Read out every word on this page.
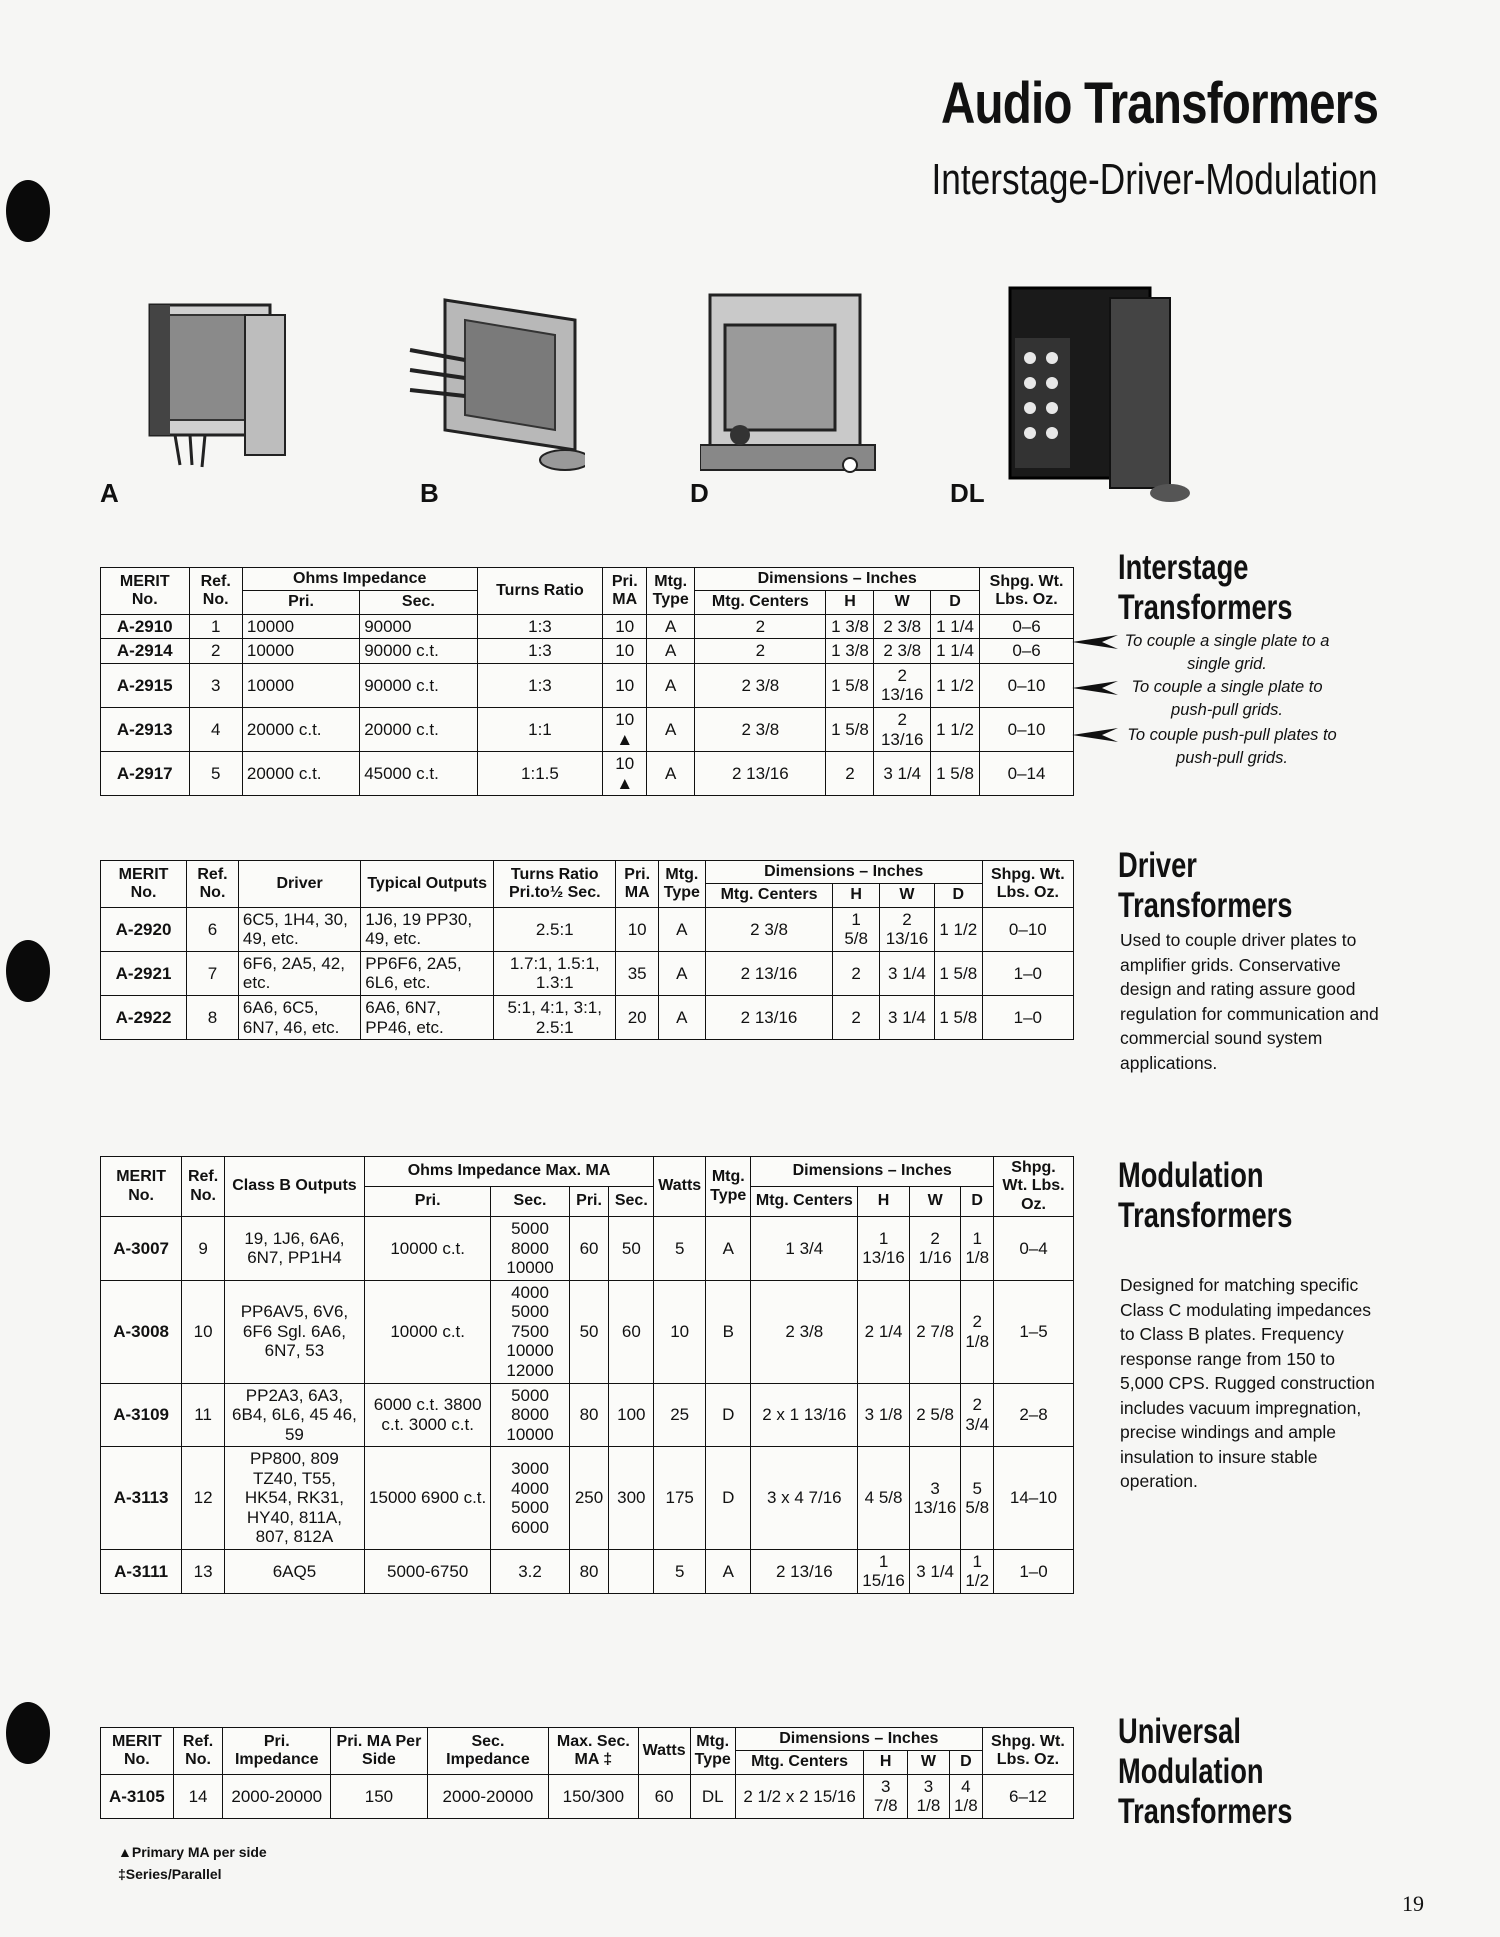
Audio Transformers
Interstage-Driver-Modulation
A	B	D	DL
MERIT No.	Ref. No.	Ohms Impedance		Turns Ratio	Pri. MA	Mtg. Type	Dimensions – Inches				Shpg. Wt. Lbs. Oz.
		Pri.	Sec.				Mtg. Centers	H	W	D	
A-2910	1	10000	90000	1:3	10	A	2	1 3/8	2 3/8	1 1/4	0–6
A-2914	2	10000	90000 c.t.	1:3	10	A	2	1 3/8	2 3/8	1 1/4	0–6
A-2915	3	10000	90000 c.t.	1:3	10	A	2 3/8	1 5/8	2 13/16	1 1/2	0–10
A-2913	4	20000 c.t.	20000 c.t.	1:1	10 ▲	A	2 3/8	1 5/8	2 13/16	1 1/2	0–10
A-2917	5	20000 c.t.	45000 c.t.	1:1.5	10 ▲	A	2 13/16	2	3 1/4	1 5/8	0–14
Interstage
Transformers
To couple a single plate to a single grid.
To couple a single plate to push-pull grids.
To couple push-pull plates to push-pull grids.
MERIT No.	Ref. No.	Driver	Typical Outputs	Turns Ratio Pri.to½ Sec.	Pri. MA	Mtg. Type	Dimensions – Inches				Shpg. Wt. Lbs. Oz.
							Mtg. Centers	H	W	D	
A-2920	6	6C5, 1H4, 30, 49, etc.	1J6, 19 PP30, 49, etc.	2.5:1	10	A	2 3/8	1 5/8	2 13/16	1 1/2	0–10
A-2921	7	6F6, 2A5, 42, etc.	PP6F6, 2A5, 6L6, etc.	1.7:1, 1.5:1, 1.3:1	35	A	2 13/16	2	3 1/4	1 5/8	1–0
A-2922	8	6A6, 6C5, 6N7, 46, etc.	6A6, 6N7, PP46, etc.	5:1, 4:1, 3:1, 2.5:1	20	A	2 13/16	2	3 1/4	1 5/8	1–0
Driver
Transformers
Used to couple driver plates to amplifier grids. Conservative design and rating assure good regulation for communication and commercial sound system applications.
MERIT No.	Ref. No.	Class B Outputs	Ohms Impedance Max. MA				Watts	Mtg. Type	Dimensions – Inches				Shpg. Wt. Lbs. Oz.
			Pri.	Sec.	Pri.	Sec.			Mtg. Centers	H	W	D	
A-3007	9	19, 1J6, 6A6, 6N7, PP1H4	10000 c.t.	5000 8000 10000	60	50	5	A	1 3/4	1 13/16	2 1/16	1 1/8	0–4
A-3008	10	PP6AV5, 6V6, 6F6 Sgl. 6A6, 6N7, 53	10000 c.t.	4000 5000 7500 10000 12000	50	60	10	B	2 3/8	2 1/4	2 7/8	2 1/8	1–5
A-3109	11	PP2A3, 6A3, 6B4, 6L6, 45 46, 59	6000 c.t. 3800 c.t. 3000 c.t.	5000 8000 10000	80	100	25	D	2 x 1 13/16	3 1/8	2 5/8	2 3/4	2–8
A-3113	12	PP800, 809 TZ40, T55, HK54, RK31, HY40, 811A, 807, 812A	15000 6900 c.t.	3000 4000 5000 6000	250	300	175	D	3 x 4 7/16	4 5/8	3 13/16	5 5/8	14–10
A-3111	13	6AQ5	5000-6750	3.2	80		5	A	2 13/16	1 15/16	3 1/4	1 1/2	1–0
Modulation
Transformers
Designed for matching specific Class C modulating impedances to Class B plates. Frequency response range from 150 to 5,000 CPS. Rugged construction includes vacuum impregnation, precise windings and ample insulation to insure stable operation.
MERIT No.	Ref. No.	Pri. Impedance	Pri. MA Per Side	Sec. Impedance	Max. Sec. MA ‡	Watts	Mtg. Type	Dimensions – Inches				Shpg. Wt. Lbs. Oz.
								Mtg. Centers	H	W	D	
A-3105	14	2000-20000	150	2000-20000	150/300	60	DL	2 1/2 x 2 15/16	3 7/8	3 1/8	4 1/8	6–12
Universal
Modulation
Transformers
▲Primary MA per side
‡Series/Parallel
19
